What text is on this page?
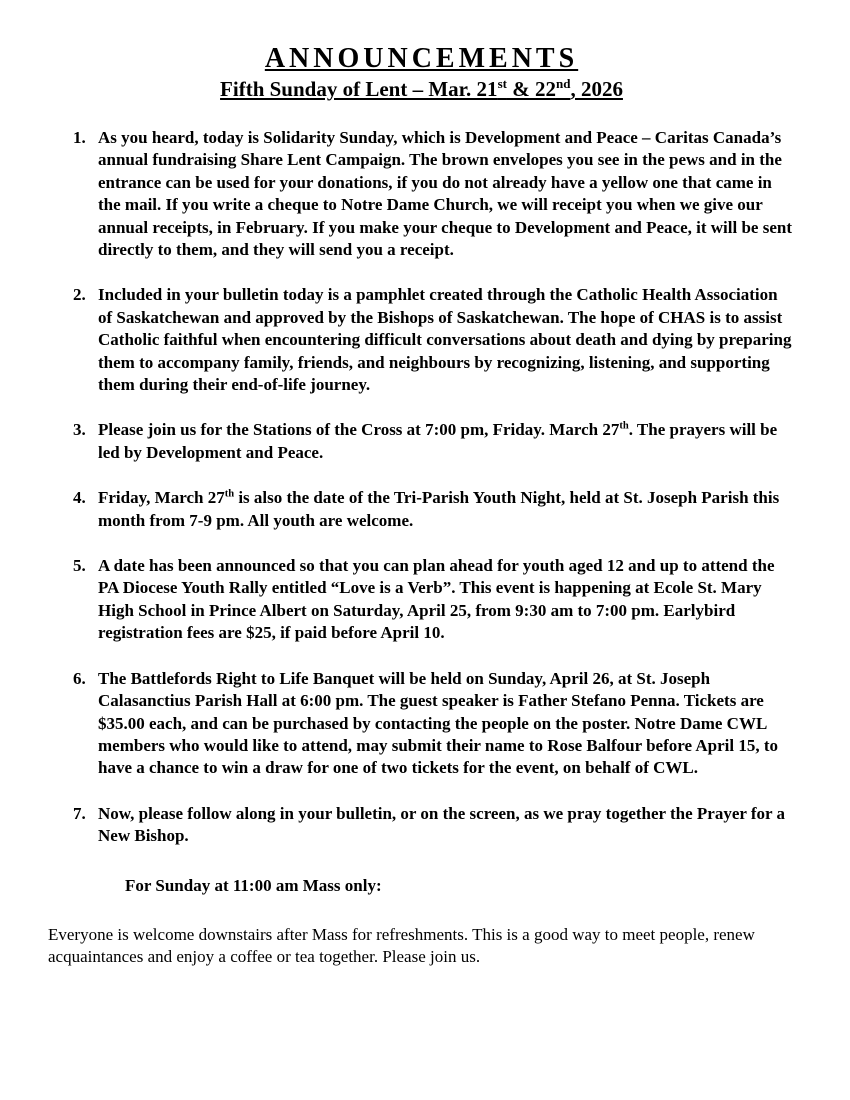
ANNOUNCEMENTS
Fifth Sunday of Lent – Mar. 21st & 22nd, 2026
1. As you heard, today is Solidarity Sunday, which is Development and Peace – Caritas Canada’s annual fundraising Share Lent Campaign. The brown envelopes you see in the pews and in the entrance can be used for your donations, if you do not already have a yellow one that came in the mail. If you write a cheque to Notre Dame Church, we will receipt you when we give our annual receipts, in February. If you make your cheque to Development and Peace, it will be sent directly to them, and they will send you a receipt.
2. Included in your bulletin today is a pamphlet created through the Catholic Health Association of Saskatchewan and approved by the Bishops of Saskatchewan. The hope of CHAS is to assist Catholic faithful when encountering difficult conversations about death and dying by preparing them to accompany family, friends, and neighbours by recognizing, listening, and supporting them during their end-of-life journey.
3. Please join us for the Stations of the Cross at 7:00 pm, Friday. March 27th. The prayers will be led by Development and Peace.
4. Friday, March 27th is also the date of the Tri-Parish Youth Night, held at St. Joseph Parish this month from 7-9 pm. All youth are welcome.
5. A date has been announced so that you can plan ahead for youth aged 12 and up to attend the PA Diocese Youth Rally entitled “Love is a Verb”. This event is happening at Ecole St. Mary High School in Prince Albert on Saturday, April 25, from 9:30 am to 7:00 pm. Earlybird registration fees are $25, if paid before April 10.
6. The Battlefords Right to Life Banquet will be held on Sunday, April 26, at St. Joseph Calasanctius Parish Hall at 6:00 pm. The guest speaker is Father Stefano Penna. Tickets are $35.00 each, and can be purchased by contacting the people on the poster. Notre Dame CWL members who would like to attend, may submit their name to Rose Balfour before April 15, to have a chance to win a draw for one of two tickets for the event, on behalf of CWL.
7. Now, please follow along in your bulletin, or on the screen, as we pray together the Prayer for a New Bishop.
For Sunday at 11:00 am Mass only:
Everyone is welcome downstairs after Mass for refreshments. This is a good way to meet people, renew acquaintances and enjoy a coffee or tea together. Please join us.
